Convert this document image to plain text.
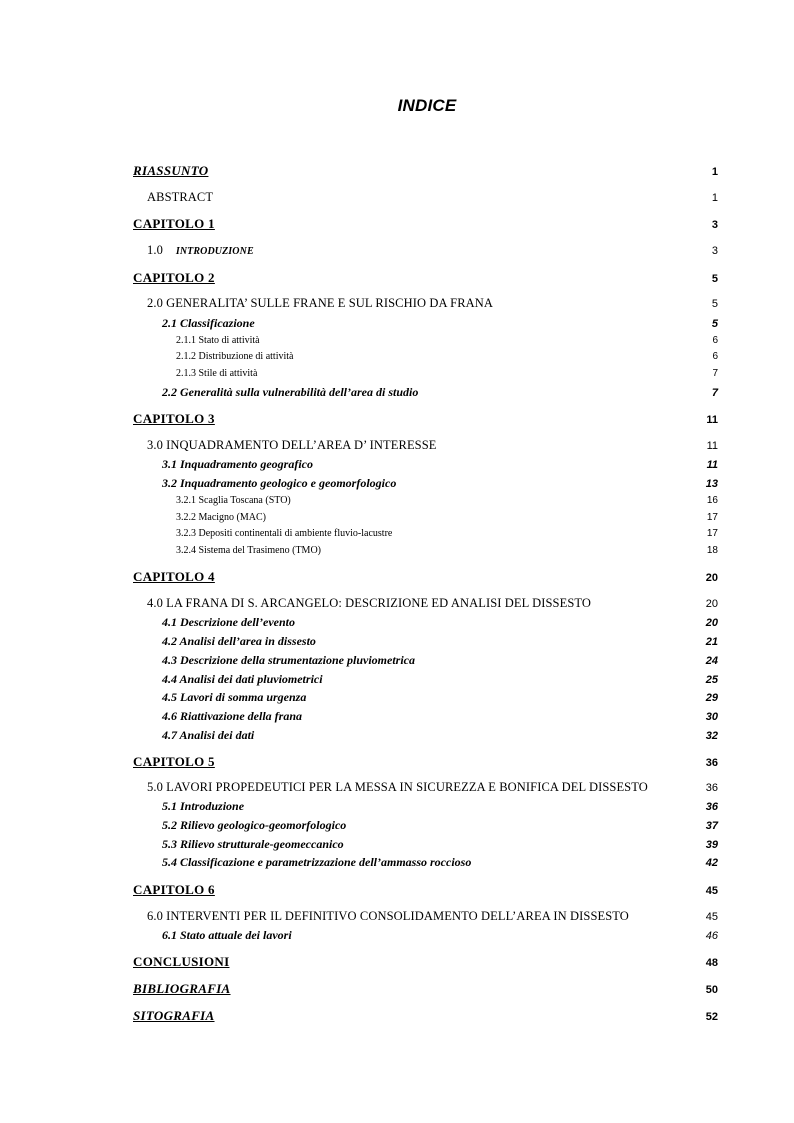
INDICE
RIASSUNTO	1
ABSTRACT	1
CAPITOLO 1	3
1.0 INTRODUZIONE	3
CAPITOLO 2	5
2.0 GENERALITA’ SULLE FRANE E SUL RISCHIO DA FRANA	5
2.1 Classificazione	5
2.1.1 Stato di attività	6
2.1.2 Distribuzione di attività	6
2.1.3 Stile di attività	7
2.2 Generalità sulla vulnerabilità dell’area di studio	7
CAPITOLO 3	11
3.0 INQUADRAMENTO DELL’AREA D’ INTERESSE	11
3.1 Inquadramento geografico	11
3.2 Inquadramento geologico e geomorfologico	13
3.2.1 Scaglia Toscana (STO)	16
3.2.2 Macigno (MAC)	17
3.2.3 Depositi continentali di ambiente fluvio-lacustre	17
3.2.4 Sistema del Trasimeno (TMO)	18
CAPITOLO 4	20
4.0 LA FRANA DI S. ARCANGELO: DESCRIZIONE ED ANALISI DEL DISSESTO	20
4.1 Descrizione dell’evento	20
4.2 Analisi dell’area in dissesto	21
4.3 Descrizione della strumentazione pluviometrica	24
4.4 Analisi dei dati pluviometrici	25
4.5 Lavori di somma urgenza	29
4.6 Riattivazione della frana	30
4.7 Analisi dei dati	32
CAPITOLO 5	36
5.0 LAVORI PROPEDEUTICI PER LA MESSA IN SICUREZZA E BONIFICA DEL DISSESTO	36
5.1 Introduzione	36
5.2 Rilievo geologico-geomorfologico	37
5.3 Rilievo strutturale-geomeccanico	39
5.4 Classificazione e parametrizzazione dell’ammasso roccioso	42
CAPITOLO 6	45
6.0 INTERVENTI PER IL DEFINITIVO CONSOLIDAMENTO DELL’AREA IN DISSESTO	45
6.1 Stato attuale dei lavori	46
CONCLUSIONI	48
BIBLIOGRAFIA	50
SITOGRAFIA	52
